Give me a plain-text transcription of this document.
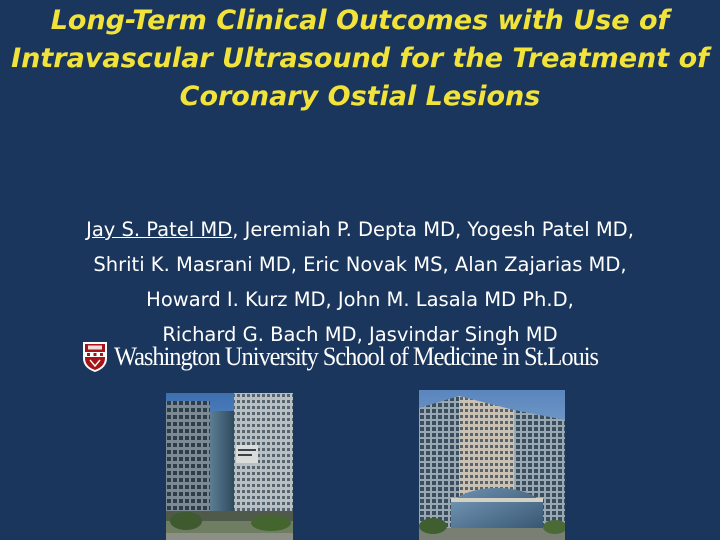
Long-Term Clinical Outcomes with Use of
Intravascular Ultrasound for the Treatment of
Coronary Ostial Lesions
Jay S. Patel MD, Jeremiah P. Depta MD, Yogesh Patel MD,
Shriti K. Masrani MD, Eric Novak MS, Alan Zajarias MD,
Howard I. Kurz MD, John M. Lasala MD Ph.D,
Richard G. Bach MD, Jasvindar Singh MD
Washington University School of Medicine in St.Louis
